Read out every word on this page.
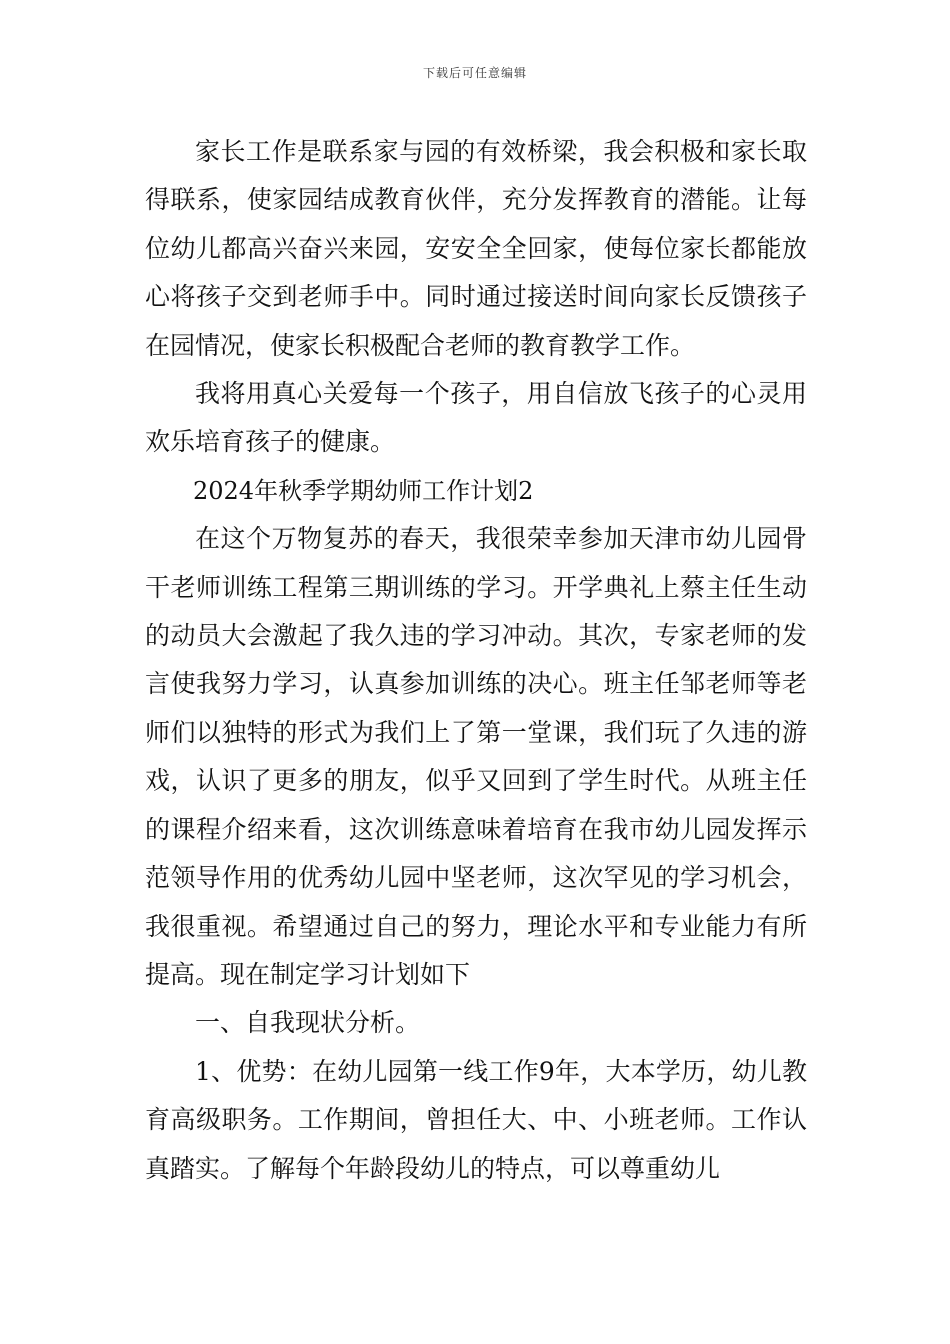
下载后可任意编辑

家长工作是联系家与园的有效桥梁，我会积极和家长取得联系，使家园结成教育伙伴，充分发挥教育的潜能。让每位幼儿都高兴奋兴来园，安安全全回家，使每位家长都能放心将孩子交到老师手中。同时通过接送时间向家长反馈孩子在园情况，使家长积极配合老师的教育教学工作。

我将用真心关爱每一个孩子，用自信放飞孩子的心灵用欢乐培育孩子的健康。

2024年秋季学期幼师工作计划2

在这个万物复苏的春天，我很荣幸参加天津市幼儿园骨干老师训练工程第三期训练的学习。开学典礼上蔡主任生动的动员大会激起了我久违的学习冲动。其次，专家老师的发言使我努力学习，认真参加训练的决心。班主任邹老师等老师们以独特的形式为我们上了第一堂课，我们玩了久违的游戏，认识了更多的朋友，似乎又回到了学生时代。从班主任的课程介绍来看，这次训练意味着培育在我市幼儿园发挥示范领导作用的优秀幼儿园中坚老师，这次罕见的学习机会，我很重视。希望通过自己的努力，理论水平和专业能力有所提高。现在制定学习计划如下

一、自我现状分析。

1、优势：在幼儿园第一线工作9年，大本学历，幼儿教育高级职务。工作期间，曾担任大、中、小班老师。工作认真踏实。了解每个年龄段幼儿的特点，可以尊重幼儿
